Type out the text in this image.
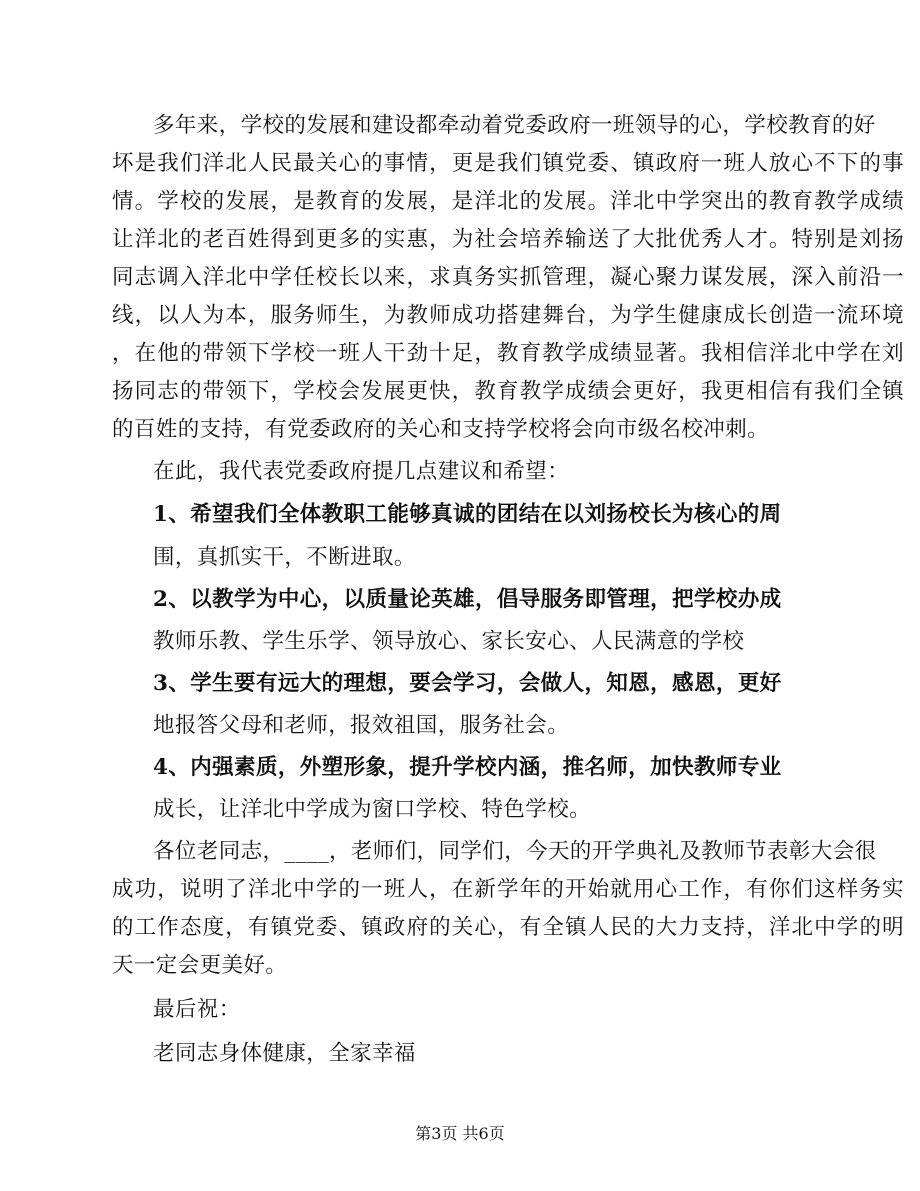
多年来，学校的发展和建设都牵动着党委政府一班领导的心，学校教育的好
坏是我们洋北人民最关心的事情，更是我们镇党委、镇政府一班人放心不下的事
情。学校的发展，是教育的发展，是洋北的发展。洋北中学突出的教育教学成绩
让洋北的老百姓得到更多的实惠，为社会培养输送了大批优秀人才。特别是刘扬
同志调入洋北中学任校长以来，求真务实抓管理，凝心聚力谋发展，深入前沿一
线，以人为本，服务师生，为教师成功搭建舞台，为学生健康成长创造一流环境
，在他的带领下学校一班人干劲十足，教育教学成绩显著。我相信洋北中学在刘
扬同志的带领下，学校会发展更快，教育教学成绩会更好，我更相信有我们全镇
的百姓的支持，有党委政府的关心和支持学校将会向市级名校冲刺。
在此，我代表党委政府提几点建议和希望：
1、希望我们全体教职工能够真诚的团结在以刘扬校长为核心的周
围，真抓实干，不断进取。
2、以教学为中心，以质量论英雄，倡导服务即管理，把学校办成
教师乐教、学生乐学、领导放心、家长安心、人民满意的学校
3、学生要有远大的理想，要会学习，会做人，知恩，感恩，更好
地报答父母和老师，报效祖国，服务社会。
4、内强素质，外塑形象，提升学校内涵，推名师，加快教师专业
成长，让洋北中学成为窗口学校、特色学校。
各位老同志，____，老师们，同学们，今天的开学典礼及教师节表彰大会很
成功，说明了洋北中学的一班人，在新学年的开始就用心工作，有你们这样务实
的工作态度，有镇党委、镇政府的关心，有全镇人民的大力支持，洋北中学的明
天一定会更美好。
最后祝：
老同志身体健康，全家幸福
第3页 共6页
